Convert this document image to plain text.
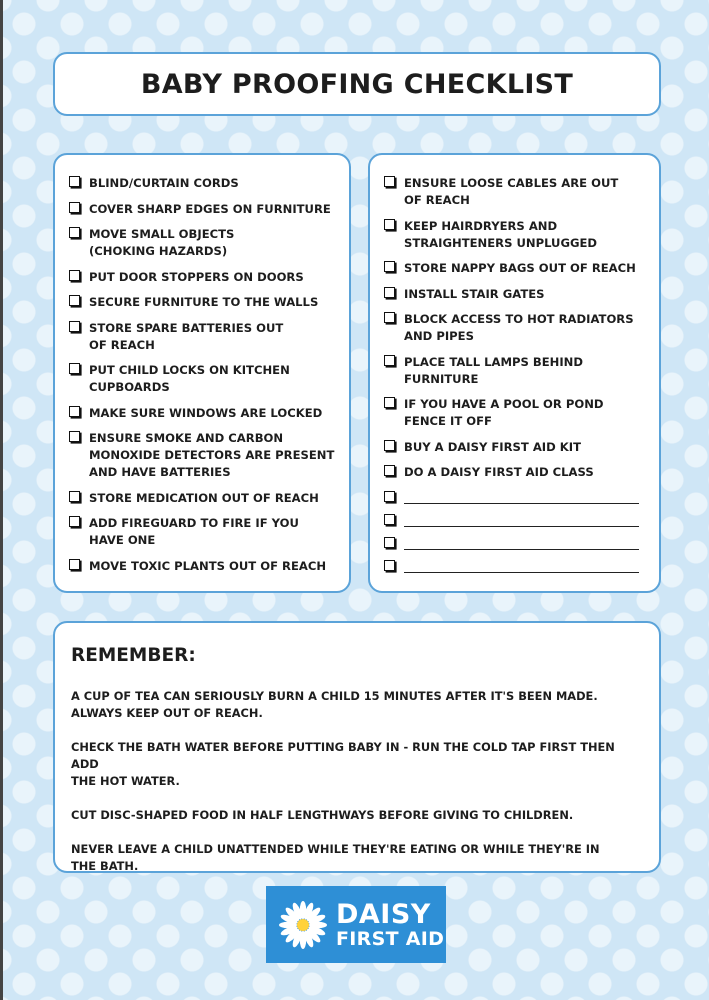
BABY PROOFING CHECKLIST
BLIND/CURTAIN CORDS
COVER SHARP EDGES ON FURNITURE
MOVE SMALL OBJECTS
(CHOKING HAZARDS)
PUT DOOR STOPPERS ON DOORS
SECURE FURNITURE TO THE WALLS
STORE SPARE BATTERIES OUT
OF REACH
PUT CHILD LOCKS ON KITCHEN
CUPBOARDS
MAKE SURE WINDOWS ARE LOCKED
ENSURE SMOKE AND CARBON
MONOXIDE DETECTORS ARE PRESENT
AND HAVE BATTERIES
STORE MEDICATION OUT OF REACH
ADD FIREGUARD TO FIRE IF YOU
HAVE ONE
MOVE TOXIC PLANTS OUT OF REACH
ENSURE LOOSE CABLES ARE OUT
OF REACH
KEEP HAIRDRYERS AND
STRAIGHTENERS UNPLUGGED
STORE NAPPY BAGS OUT OF REACH
INSTALL STAIR GATES
BLOCK ACCESS TO HOT RADIATORS
AND PIPES
PLACE TALL LAMPS BEHIND FURNITURE
IF YOU HAVE A POOL OR POND
FENCE IT OFF
BUY A DAISY FIRST AID KIT
DO A DAISY FIRST AID CLASS
REMEMBER:

A CUP OF TEA CAN SERIOUSLY BURN A CHILD 15 MINUTES AFTER IT'S BEEN MADE.
ALWAYS KEEP OUT OF REACH.

CHECK THE BATH WATER BEFORE PUTTING BABY IN - RUN THE COLD TAP FIRST THEN ADD
THE HOT WATER.

CUT DISC-SHAPED FOOD IN HALF LENGTHWAYS BEFORE GIVING TO CHILDREN.

NEVER LEAVE A CHILD UNATTENDED WHILE THEY'RE EATING OR WHILE THEY'RE IN
THE BATH.

DAISY
FIRST AID
